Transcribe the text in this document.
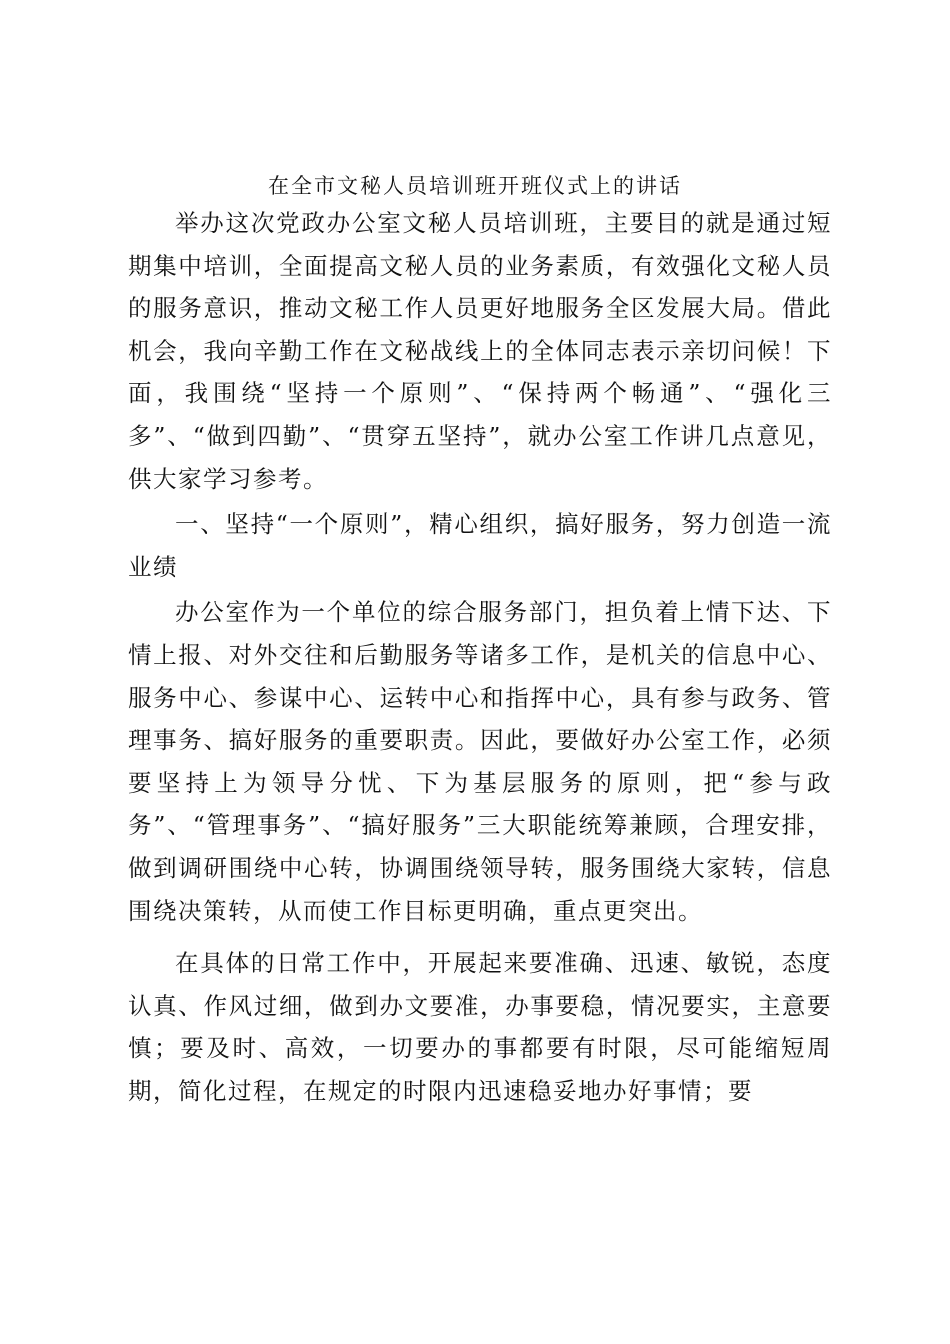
在全市文秘人员培训班开班仪式上的讲话

举办这次党政办公室文秘人员培训班，主要目的就是通过短期集中培训，全面提高文秘人员的业务素质，有效强化文秘人员的服务意识，推动文秘工作人员更好地服务全区发展大局。借此机会，我向辛勤工作在文秘战线上的全体同志表示亲切问候！下面，我围绕“坚持一个原则”、“保持两个畅通”、“强化三多”、“做到四勤”、“贯穿五坚持”，就办公室工作讲几点意见，供大家学习参考。

一、坚持“一个原则”，精心组织，搞好服务，努力创造一流业绩

办公室作为一个单位的综合服务部门，担负着上情下达、下情上报、对外交往和后勤服务等诸多工作，是机关的信息中心、服务中心、参谋中心、运转中心和指挥中心，具有参与政务、管理事务、搞好服务的重要职责。因此，要做好办公室工作，必须要坚持上为领导分忧、下为基层服务的原则，把“参与政务”、“管理事务”、“搞好服务”三大职能统筹兼顾，合理安排，做到调研围绕中心转，协调围绕领导转，服务围绕大家转，信息围绕决策转，从而使工作目标更明确，重点更突出。

在具体的日常工作中，开展起来要准确、迅速、敏锐，态度认真、作风过细，做到办文要准，办事要稳，情况要实，主意要慎；要及时、高效，一切要办的事都要有时限，尽可能缩短周期，简化过程，在规定的时限内迅速稳妥地办好事情；要
